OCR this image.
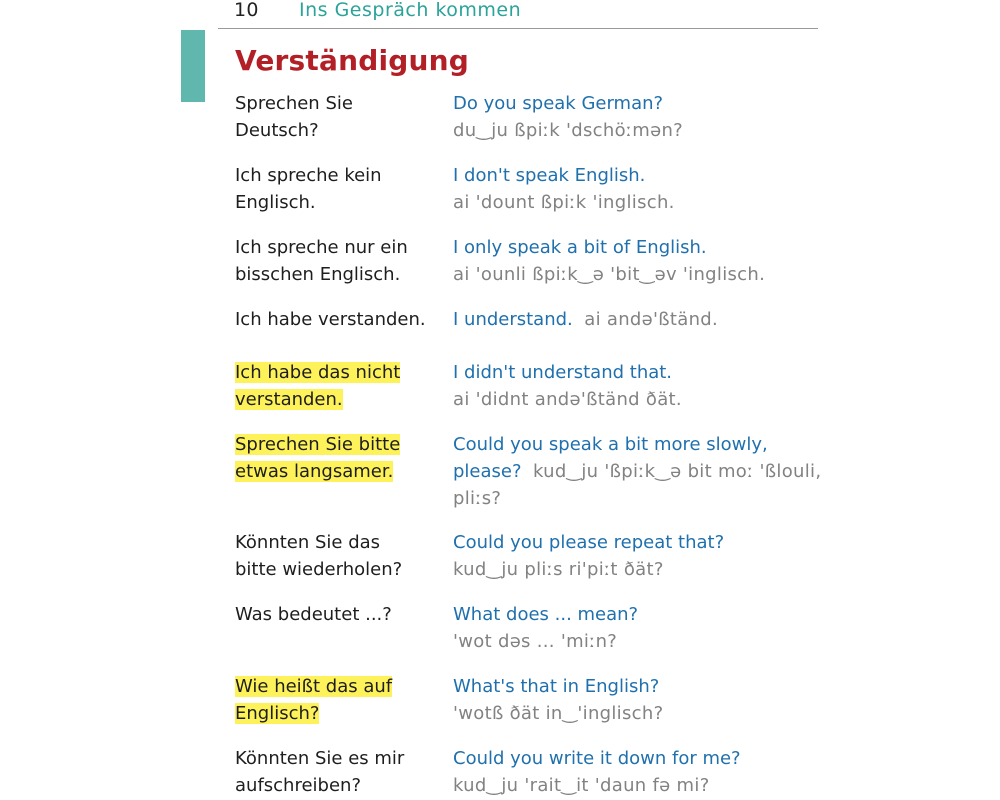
10 Ins Gespräch kommen
Verständigung
Sprechen Sie
Deutsch?
Do you speak German?
du‿ju ßpiːk 'dschöːmən?
Ich spreche kein
Englisch.
I don't speak English.
ai 'dount ßpiːk 'inglisch.
Ich spreche nur ein
bisschen Englisch.
I only speak a bit of English.
ai 'ounli ßpiːk‿ə 'bit‿əv 'inglisch.
Ich habe verstanden.	I understand. ai andə'ßtänd.
Ich habe das nicht
verstanden.
I didn't understand that.
ai 'didnt andə'ßtänd ðät.
Sprechen Sie bitte
etwas langsamer.
Could you speak a bit more slowly, please? kud‿ju 'ßpiːk‿ə bit moː 'ßlouli, pliːs?
Könnten Sie das
bitte wiederholen?
Could you please repeat that?
kud‿ju pliːs ri'piːt ðät?
Was bedeutet ...?	What does ... mean?
'wot dəs ... 'miːn?
Wie heißt das auf
Englisch?
What's that in English?
'wotß ðät in‿'inglisch?
Könnten Sie es mir
aufschreiben?
Could you write it down for me?
kud‿ju 'rait‿it 'daun fə mi?
